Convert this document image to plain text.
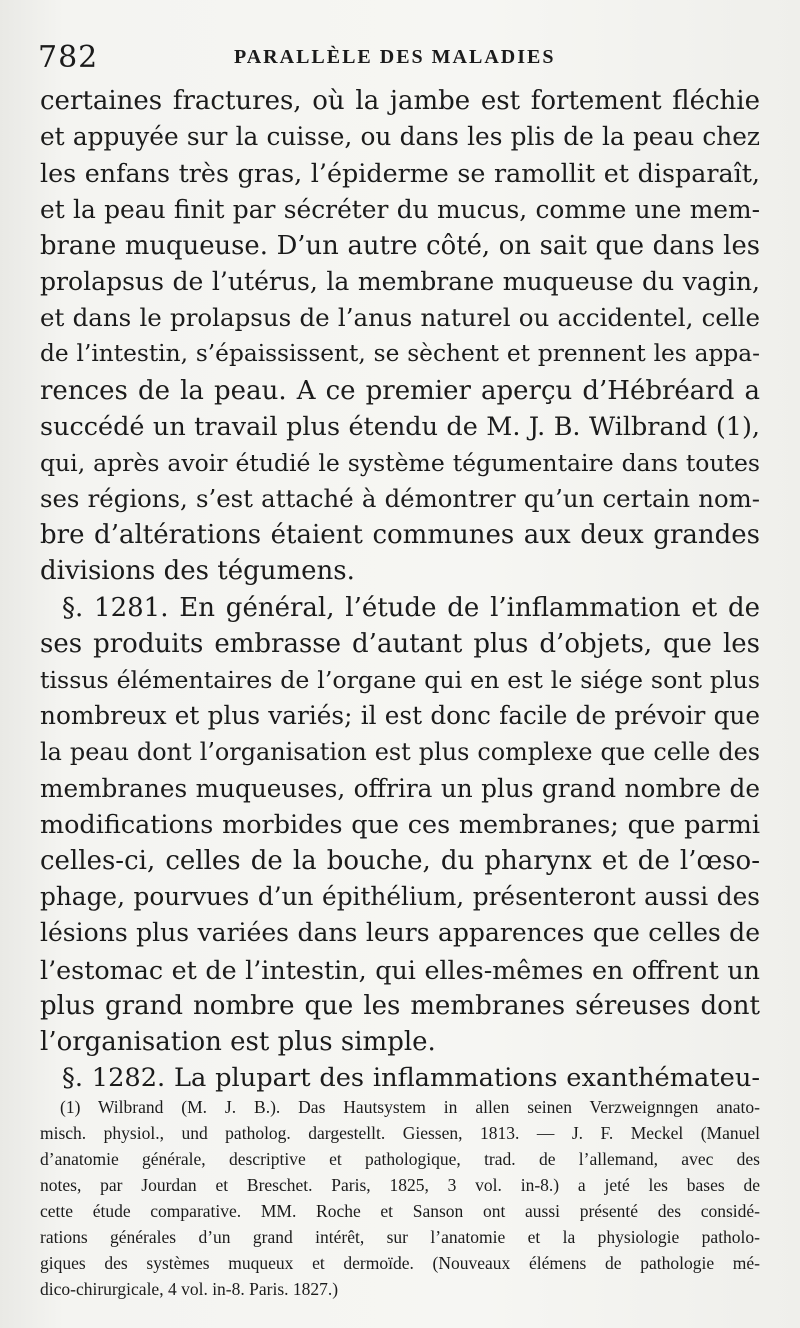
782	PARALLÈLE DES MALADIES
certaines fractures, où la jambe est fortement fléchie
et appuyée sur la cuisse, ou dans les plis de la peau chez
les enfans très gras, l’épiderme se ramollit et disparaît,
et la peau finit par sécréter du mucus, comme une mem-
brane muqueuse. D’un autre côté, on sait que dans les
prolapsus de l’utérus, la membrane muqueuse du vagin,
et dans le prolapsus de l’anus naturel ou accidentel, celle
de l’intestin, s’épaississent, se sèchent et prennent les appa-
rences de la peau. A ce premier aperçu d’Hébréard a
succédé un travail plus étendu de M. J. B. Wilbrand (1),
qui, après avoir étudié le système tégumentaire dans toutes
ses régions, s’est attaché à démontrer qu’un certain nom-
bre d’altérations étaient communes aux deux grandes
divisions des tégumens.
§. 1281. En général, l’étude de l’inflammation et de
ses produits embrasse d’autant plus d’objets, que les
tissus élémentaires de l’organe qui en est le siége sont plus
nombreux et plus variés; il est donc facile de prévoir que
la peau dont l’organisation est plus complexe que celle des
membranes muqueuses, offrira un plus grand nombre de
modifications morbides que ces membranes; que parmi
celles-ci, celles de la bouche, du pharynx et de l’œso-
phage, pourvues d’un épithélium, présenteront aussi des
lésions plus variées dans leurs apparences que celles de
l’estomac et de l’intestin, qui elles-mêmes en offrent un
plus grand nombre que les membranes séreuses dont
l’organisation est plus simple.
§. 1282. La plupart des inflammations exanthémateu-
(1) Wilbrand (M. J. B.). Das Hautsystem in allen seinen Verzweignngen anato-
misch. physiol., und patholog. dargestellt. Giessen, 1813. — J. F. Meckel (Manuel
d’anatomie générale, descriptive et pathologique, trad. de l’allemand, avec des
notes, par Jourdan et Breschet. Paris, 1825, 3 vol. in-8.) a jeté les bases de
cette étude comparative. MM. Roche et Sanson ont aussi présenté des considé-
rations générales d’un grand intérêt, sur l’anatomie et la physiologie patholo-
giques des systèmes muqueux et dermoïde. (Nouveaux élémens de pathologie mé-
dico-chirurgicale, 4 vol. in-8. Paris. 1827.)
